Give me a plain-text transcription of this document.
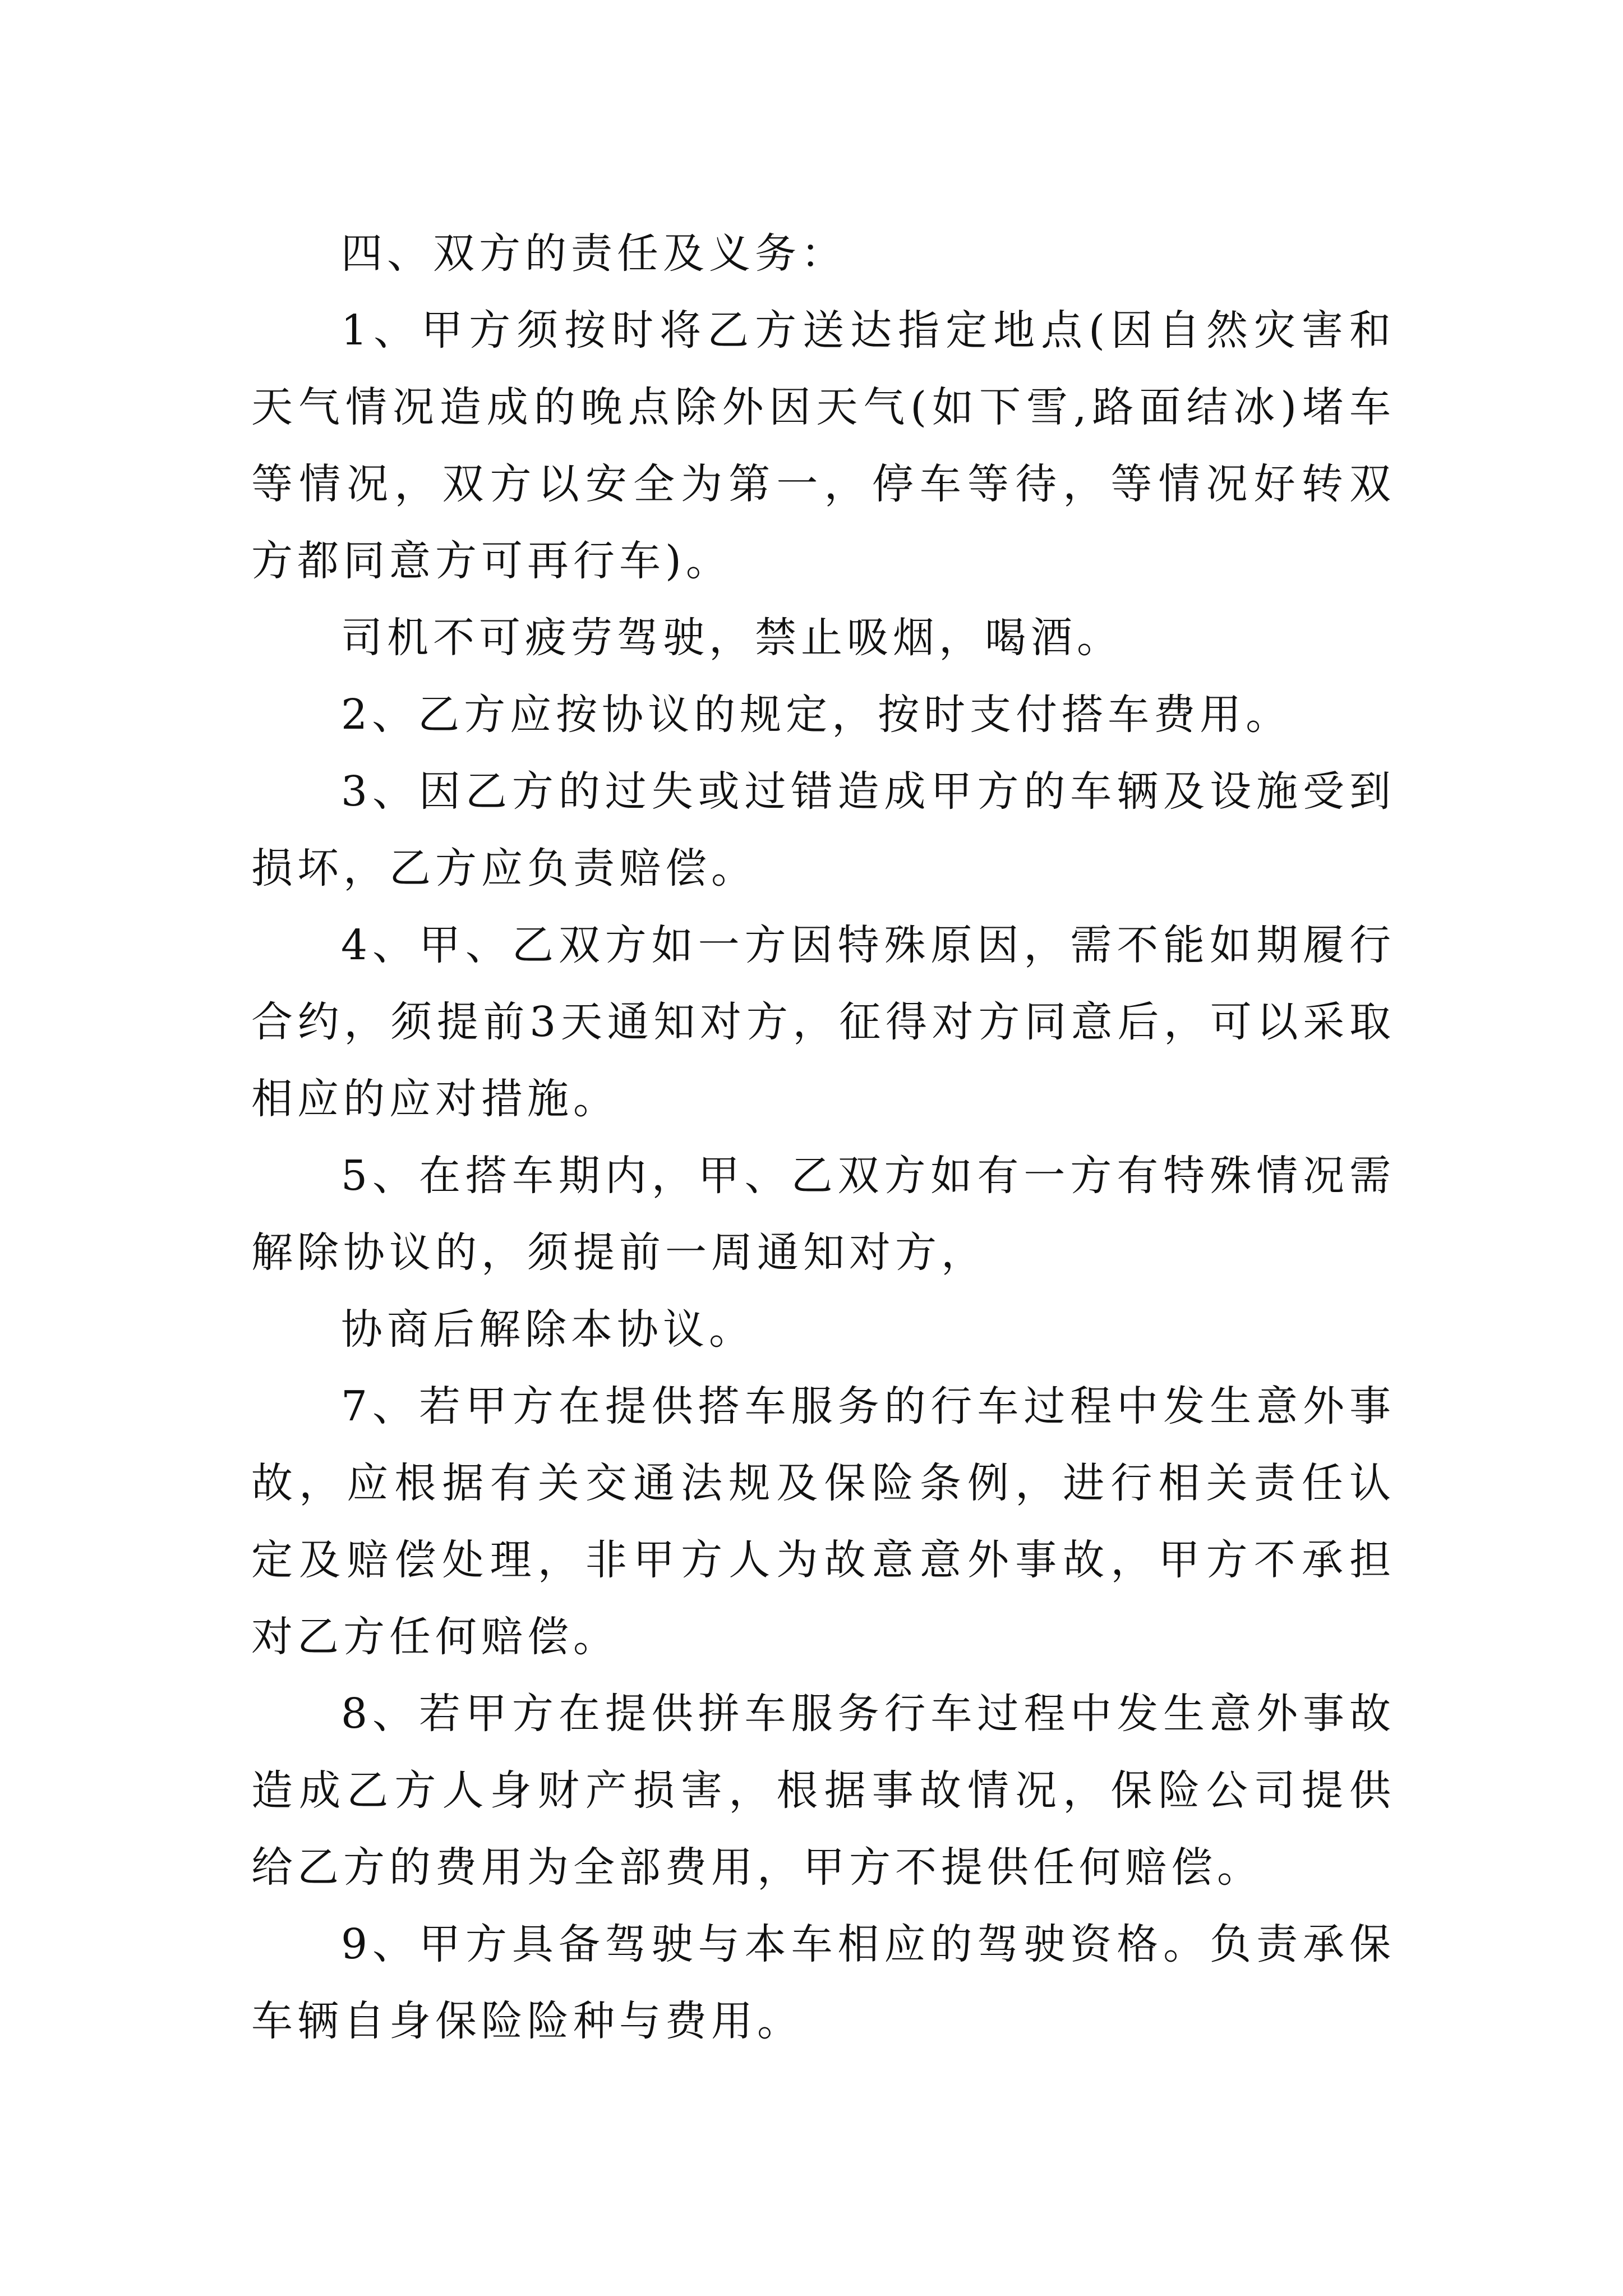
四、双方的责任及义务：

1、甲方须按时将乙方送达指定地点(因自然灾害和天气情况造成的晚点除外因天气(如下雪,路面结冰)堵车等情况，双方以安全为第一，停车等待，等情况好转双方都同意方可再行车)。

司机不可疲劳驾驶，禁止吸烟，喝酒。

2、乙方应按协议的规定，按时支付搭车费用。

3、因乙方的过失或过错造成甲方的车辆及设施受到损坏，乙方应负责赔偿。

4、甲、乙双方如一方因特殊原因，需不能如期履行合约，须提前3天通知对方，征得对方同意后，可以采取相应的应对措施。

5、在搭车期内，甲、乙双方如有一方有特殊情况需解除协议的，须提前一周通知对方，

协商后解除本协议。

7、若甲方在提供搭车服务的行车过程中发生意外事故，应根据有关交通法规及保险条例，进行相关责任认定及赔偿处理，非甲方人为故意意外事故，甲方不承担对乙方任何赔偿。

8、若甲方在提供拼车服务行车过程中发生意外事故造成乙方人身财产损害，根据事故情况，保险公司提供给乙方的费用为全部费用，甲方不提供任何赔偿。

9、甲方具备驾驶与本车相应的驾驶资格。负责承保车辆自身保险险种与费用。
